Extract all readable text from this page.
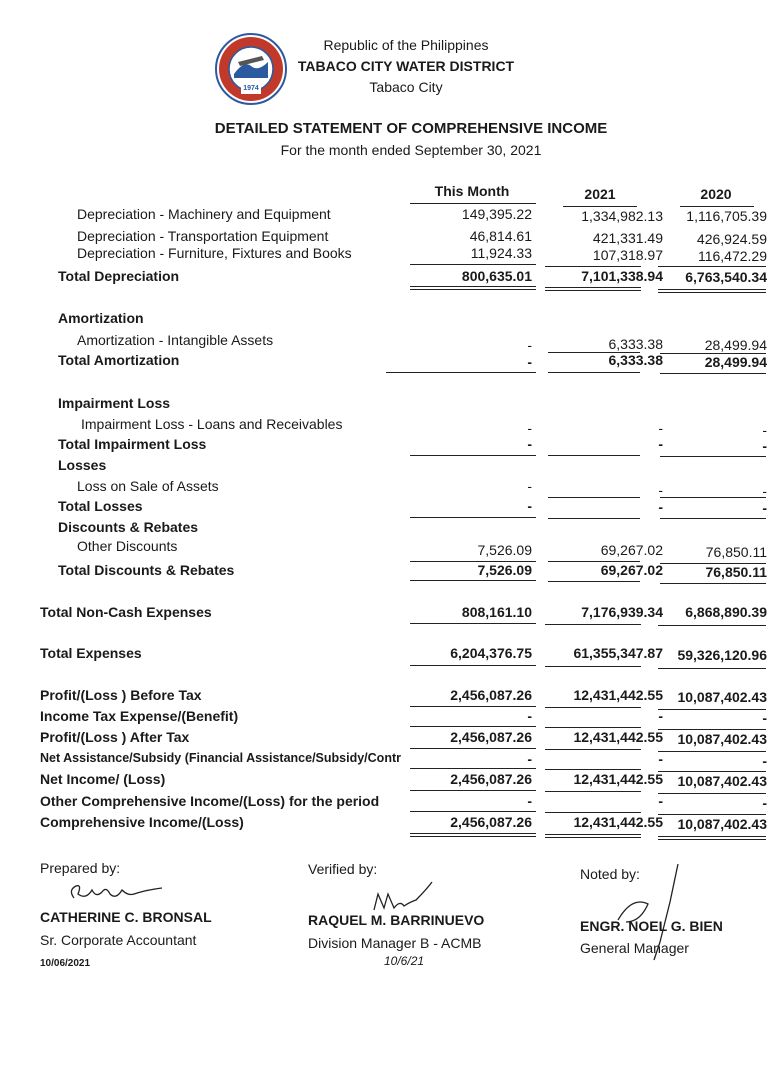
1974
Republic of the Philippines
TABACO CITY WATER DISTRICT
Tabaco City
DETAILED STATEMENT OF COMPREHENSIVE INCOME
For the month ended September 30, 2021
This Month	2021	2020
Depreciation - Machinery and Equipment	149,395.22	1,334,982.13	1,116,705.39
Depreciation - Transportation Equipment	46,814.61	421,331.49	426,924.59
Depreciation - Furniture, Fixtures and Books	11,924.33	107,318.97	116,472.29
Total Depreciation	800,635.01	7,101,338.94	6,763,540.34
Amortization
Amortization - Intangible Assets	-	6,333.38	28,499.94
Total Amortization	-	6,333.38	28,499.94
Impairment Loss
Impairment Loss - Loans and Receivables	-	-	-
Total Impairment Loss	-	-	-
Losses
Loss on Sale of Assets	-	-	-
Total Losses	-	-	-
Discounts & Rebates
Other Discounts	7,526.09	69,267.02	76,850.11
Total Discounts & Rebates	7,526.09	69,267.02	76,850.11
Total Non-Cash Expenses	808,161.10	7,176,939.34	6,868,890.39
Total Expenses	6,204,376.75	61,355,347.87	59,326,120.96
Profit/(Loss ) Before Tax	2,456,087.26	12,431,442.55	10,087,402.43
Income Tax Expense/(Benefit)	-	-	-
Profit/(Loss ) After Tax	2,456,087.26	12,431,442.55	10,087,402.43
Net Assistance/Subsidy (Financial Assistance/Subsidy/Contr	-	-	-
Net Income/ (Loss)	2,456,087.26	12,431,442.55	10,087,402.43
Other Comprehensive Income/(Loss) for the period	-	-	-
Comprehensive Income/(Loss)	2,456,087.26	12,431,442.55	10,087,402.43
Prepared by:
CATHERINE C. BRONSAL
Sr. Corporate Accountant
10/06/2021
Verified by:
RAQUEL M. BARRINUEVO
Division Manager B - ACMB
10/6/21
Noted by:
ENGR. NOEL G. BIEN
General Manager
